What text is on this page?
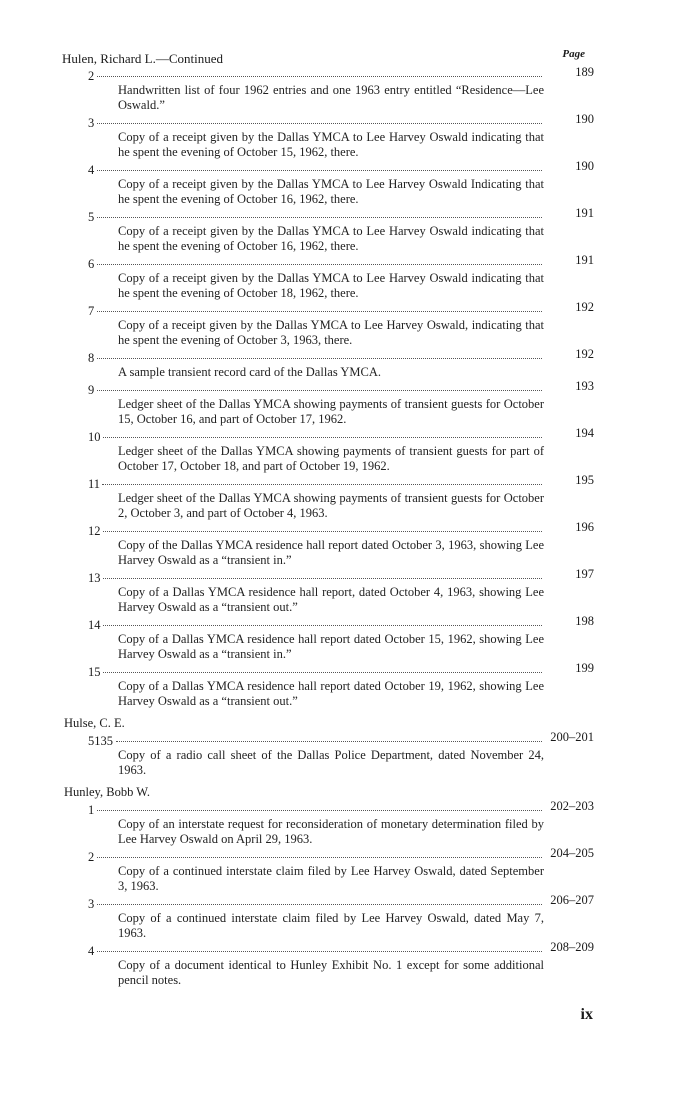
Hulen, Richard L.—Continued	Page
2	189
Handwritten list of four 1962 entries and one 1963 entry entitled “Residence—Lee Oswald.”
3	190
Copy of a receipt given by the Dallas YMCA to Lee Harvey Oswald indicating that he spent the evening of October 15, 1962, there.
4	190
Copy of a receipt given by the Dallas YMCA to Lee Harvey Oswald Indicating that he spent the evening of October 16, 1962, there.
5	191
Copy of a receipt given by the Dallas YMCA to Lee Harvey Oswald indicating that he spent the evening of October 16, 1962, there.
6	191
Copy of a receipt given by the Dallas YMCA to Lee Harvey Oswald indicating that he spent the evening of October 18, 1962, there.
7	192
Copy of a receipt given by the Dallas YMCA to Lee Harvey Oswald, indicating that he spent the evening of October 3, 1963, there.
8	192
A sample transient record card of the Dallas YMCA.
9	193
Ledger sheet of the Dallas YMCA showing payments of transient guests for October 15, October 16, and part of October 17, 1962.
10	194
Ledger sheet of the Dallas YMCA showing payments of transient guests for part of October 17, October 18, and part of October 19, 1962.
11	195
Ledger sheet of the Dallas YMCA showing payments of transient guests for October 2, October 3, and part of October 4, 1963.
12	196
Copy of the Dallas YMCA residence hall report dated October 3, 1963, showing Lee Harvey Oswald as a “transient in.”
13	197
Copy of a Dallas YMCA residence hall report, dated October 4, 1963, showing Lee Harvey Oswald as a “transient out.”
14	198
Copy of a Dallas YMCA residence hall report dated October 15, 1962, showing Lee Harvey Oswald as a “transient in.”
15	199
Copy of a Dallas YMCA residence hall report dated October 19, 1962, showing Lee Harvey Oswald as a “transient out.”
Hulse, C. E.
5135	200–201
Copy of a radio call sheet of the Dallas Police Department, dated November 24, 1963.
Hunley, Bobb W.
1	202–203
Copy of an interstate request for reconsideration of monetary determination filed by Lee Harvey Oswald on April 29, 1963.
2	204–205
Copy of a continued interstate claim filed by Lee Harvey Oswald, dated September 3, 1963.
3	206–207
Copy of a continued interstate claim filed by Lee Harvey Oswald, dated May 7, 1963.
4	208–209
Copy of a document identical to Hunley Exhibit No. 1 except for some additional pencil notes.
ix
